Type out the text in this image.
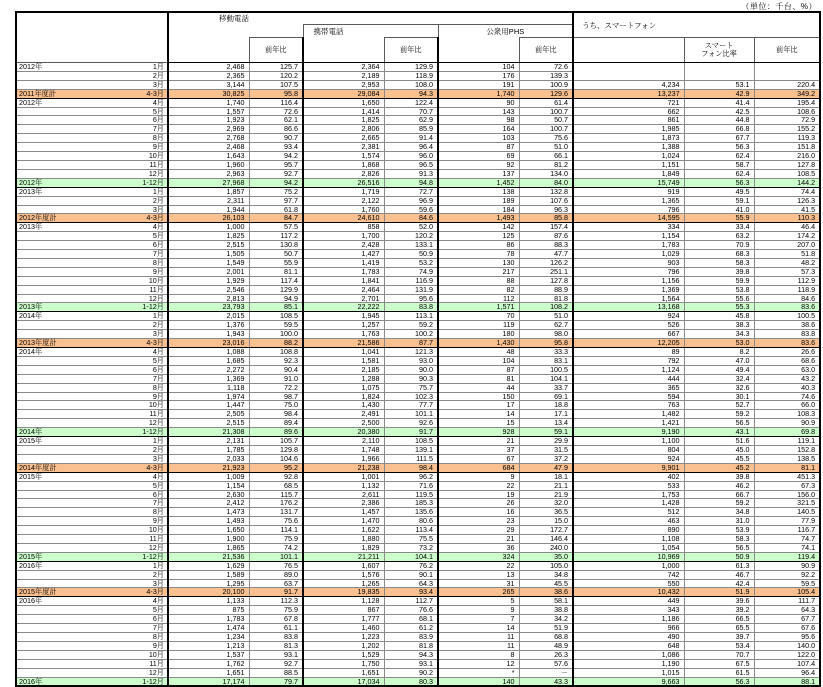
（単位：千台、%）
	移動電話						うち、スマートフォン		
			携帯電話		公衆用PHS				
		前年比		前年比		前年比		スマート
フォン比率	前年比

2012年 1月	2,468	125.7	2,364	129.9	104	72.6			

2月	2,365	120.2	2,189	118.9	176	139.3			

3月	3,144	107.5	2,953	108.0	191	100.9	4,234	53.1	220.4

2011年度計 4-3月	30,825	95.8	29,084	94.3	1,740	129.6	13,237	42.9	349.2

2012年 4月	1,740	116.4	1,650	122.4	90	61.4	721	41.4	195.4

5月	1,557	72.6	1,414	70.7	143	100.7	662	42.5	108.6

6月	1,923	62.1	1,825	62.9	98	50.7	861	44.8	72.9

7月	2,969	86.6	2,806	85.9	164	100.7	1,985	66.8	155.2

8月	2,768	90.7	2,665	91.4	103	75.6	1,873	67.7	119.3

9月	2,468	93.4	2,381	96.4	87	51.0	1,388	56.3	151.8

10月	1,643	94.2	1,574	96.0	69	66.1	1,024	62.4	216.0

11月	1,960	95.7	1,868	96.5	92	81.2	1,151	58.7	127.8

12月	2,963	92.7	2,826	91.3	137	134.0	1,849	62.4	108.5

2012年 1-12月	27,968	94.2	26,516	94.8	1,452	84.0	15,749	56.3	144.2

2013年 1月	1,857	75.2	1,719	72.7	138	132.8	919	49.5	74.4

2月	2,311	97.7	2,122	96.9	189	107.6	1,365	59.1	126.3

3月	1,944	61.8	1,760	59.6	184	96.3	796	41.0	41.5

2012年度計 4-3月	26,103	84.7	24,610	84.6	1,493	85.8	14,595	55.9	110.3

2013年 4月	1,000	57.5	858	52.0	142	157.4	334	33.4	46.4

5月	1,825	117.2	1,700	120.2	125	87.6	1,154	63.2	174.2

6月	2,515	130.8	2,428	133.1	86	88.3	1,783	70.9	207.0

7月	1,505	50.7	1,427	50.9	78	47.7	1,029	68.3	51.8

8月	1,549	55.9	1,419	53.2	130	126.2	903	58.3	48.2

9月	2,001	81.1	1,783	74.9	217	251.1	796	39.8	57.3

10月	1,929	117.4	1,841	116.9	88	127.8	1,156	59.9	112.9

11月	2,546	129.9	2,464	131.9	82	88.9	1,369	53.8	118.9

12月	2,813	94.9	2,701	95.6	112	81.8	1,564	55.6	84.6

2013年 1-12月	23,793	85.1	22,222	83.8	1,571	108.2	13,168	55.3	83.6

2014年 1月	2,015	108.5	1,945	113.1	70	51.0	924	45.8	100.5

2月	1,376	59.5	1,257	59.2	119	62.7	526	38.3	38.6

3月	1,943	100.0	1,763	100.2	180	98.0	667	34.3	83.8

2013年度計 4-3月	23,016	88.2	21,586	87.7	1,430	95.8	12,205	53.0	83.6

2014年 4月	1,088	108.8	1,041	121.3	48	33.3	89	8.2	26.6

5月	1,685	92.3	1,581	93.0	104	83.1	792	47.0	68.6

6月	2,272	90.4	2,185	90.0	87	100.5	1,124	49.4	63.0

7月	1,369	91.0	1,288	90.3	81	104.1	444	32.4	43.2

8月	1,118	72.2	1,075	75.7	44	33.7	365	32.6	40.3

9月	1,974	98.7	1,824	102.3	150	69.1	594	30.1	74.6

10月	1,447	75.0	1,430	77.7	17	18.8	763	52.7	66.0

11月	2,505	98.4	2,491	101.1	14	17.1	1,482	59.2	108.3

12月	2,515	89.4	2,500	92.6	15	13.4	1,421	56.5	90.9

2014年 1-12月	21,308	89.6	20,380	91.7	928	59.1	9,190	43.1	69.8

2015年 1月	2,131	105.7	2,110	108.5	21	29.9	1,100	51.6	119.1

2月	1,785	129.8	1,748	139.1	37	31.5	804	45.0	152.8

3月	2,033	104.6	1,966	111.5	67	37.2	924	45.5	138.5

2014年度計 4-3月	21,923	95.2	21,238	98.4	684	47.9	9,901	45.2	81.1

2015年 4月	1,009	92.8	1,001	96.2	9	18.1	402	39.8	451.3

5月	1,154	68.5	1,132	71.6	22	21.1	533	46.2	67.3

6月	2,630	115.7	2,611	119.5	19	21.9	1,753	66.7	156.0

7月	2,412	176.2	2,386	185.3	26	32.0	1,428	59.2	321.5

8月	1,473	131.7	1,457	135.6	16	36.5	512	34.8	140.5

9月	1,493	75.6	1,470	80.6	23	15.0	463	31.0	77.9

10月	1,650	114.1	1,622	113.4	29	172.7	890	53.9	116.7

11月	1,900	75.9	1,880	75.5	21	146.4	1,108	58.3	74.7

12月	1,865	74.2	1,829	73.2	36	240.0	1,054	56.5	74.1

2015年 1-12月	21,536	101.1	21,211	104.1	324	35.0	10,969	50.9	119.4

2016年 1月	1,629	76.5	1,607	76.2	22	105.0	1,000	61.3	90.9

2月	1,589	89.0	1,576	90.1	13	34.8	742	46.7	92.2

3月	1,295	63.7	1,265	64.3	31	45.5	550	42.4	59.5

2015年度計 4-3月	20,100	91.7	19,835	93.4	265	38.6	10,432	51.9	105.4

2016年 4月	1,133	112.3	1,128	112.7	5	58.1	449	39.6	111.7

5月	875	75.9	867	76.6	9	38.8	343	39.2	64.3

6月	1,783	67.8	1,777	68.1	7	34.2	1,186	66.5	67.7

7月	1,474	61.1	1,460	61.2	14	51.9	966	65.5	67.6

8月	1,234	83.8	1,223	83.9	11	68.8	490	39.7	95.6

9月	1,213	81.3	1,202	81.8	11	48.9	648	53.4	140.0

10月	1,537	93.1	1,529	94.3	8	26.3	1,086	70.7	122.0

11月	1,762	92.7	1,750	93.1	12	57.6	1,190	67.5	107.4

12月	1,651	88.5	1,651	90.2	*	－	1,015	61.5	96.4

2016年 1-12月	17,174	79.7	17,034	80.3	140	43.3	9,663	56.3	88.1
